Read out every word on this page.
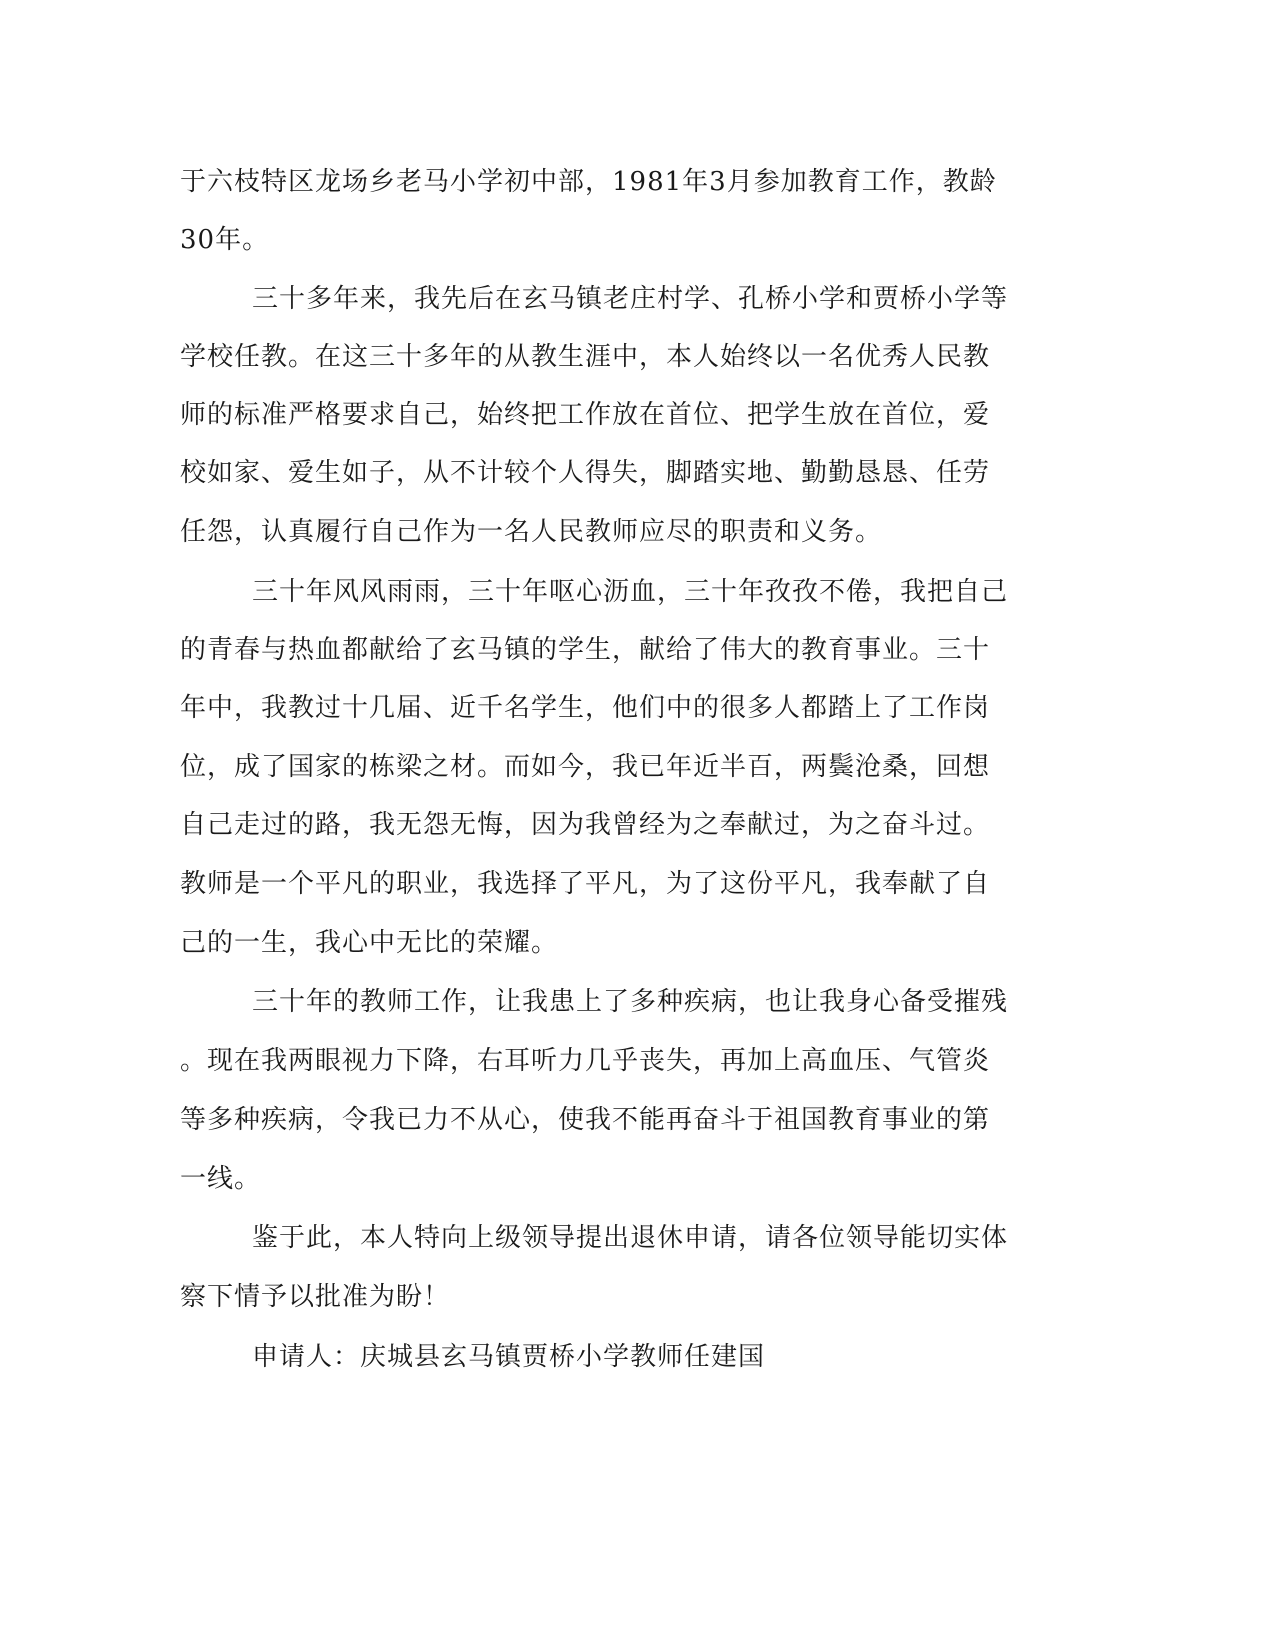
于六枝特区龙场乡老马小学初中部，1981年3月参加教育工作，教龄
30年。
三十多年来，我先后在玄马镇老庄村学、孔桥小学和贾桥小学等
学校任教。在这三十多年的从教生涯中，本人始终以一名优秀人民教
师的标准严格要求自己，始终把工作放在首位、把学生放在首位，爱
校如家、爱生如子，从不计较个人得失，脚踏实地、勤勤恳恳、任劳
任怨，认真履行自己作为一名人民教师应尽的职责和义务。
三十年风风雨雨，三十年呕心沥血，三十年孜孜不倦，我把自己
的青春与热血都献给了玄马镇的学生，献给了伟大的教育事业。三十
年中，我教过十几届、近千名学生，他们中的很多人都踏上了工作岗
位，成了国家的栋梁之材。而如今，我已年近半百，两鬓沧桑，回想
自己走过的路，我无怨无悔，因为我曾经为之奉献过，为之奋斗过。
教师是一个平凡的职业，我选择了平凡，为了这份平凡，我奉献了自
己的一生，我心中无比的荣耀。
三十年的教师工作，让我患上了多种疾病，也让我身心备受摧残
。现在我两眼视力下降，右耳听力几乎丧失，再加上高血压、气管炎
等多种疾病，令我已力不从心，使我不能再奋斗于祖国教育事业的第
一线。
鉴于此，本人特向上级领导提出退休申请，请各位领导能切实体
察下情予以批准为盼！
申请人：庆城县玄马镇贾桥小学教师任建国
